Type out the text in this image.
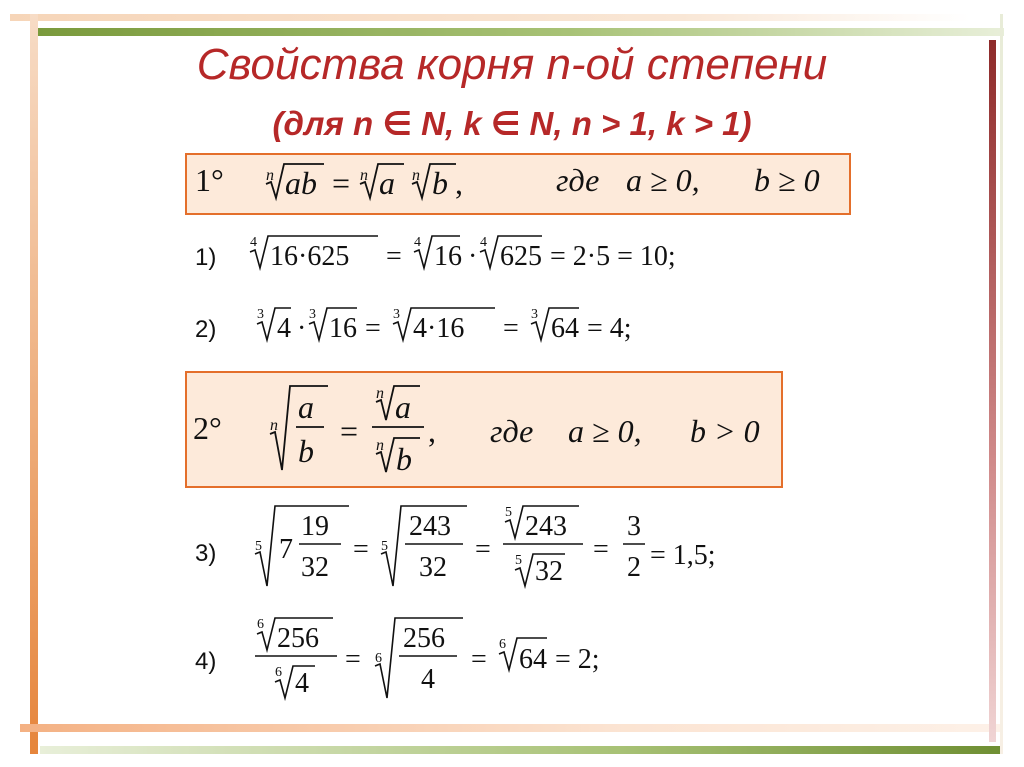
Свойства корня n-ой степени
(для n ∈ N, k ∈ N, n > 1, k > 1)
1°	n ab = n a n b ,	где a ≥ 0, b ≥ 0
1)
4 16·625 = 4 16 · 4 625 = 2·5 = 10;
2)
3 4 · 3 16 = 3 4·16 = 3 64 = 4;
2°	n
a
b
=
n a
n b
, где a ≥ 0, b > 0
3)	5 7
19
32
= 5
243
32
=
5 243
5 32
=
3
2 = 1,5;
4)
6 256
6 4
= 6
256
4
= 6 64 = 2;
